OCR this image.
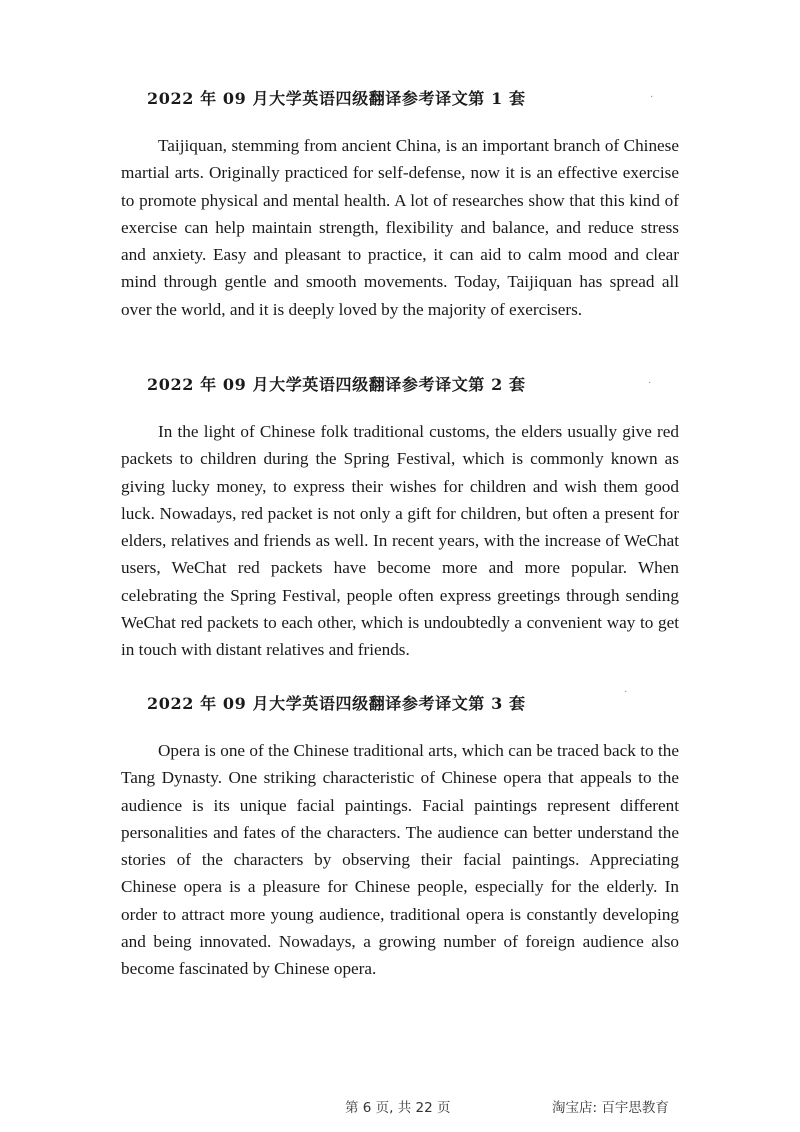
2022 年 09 月大学英语四级翻译参考译文第 1 套

Taijiquan, stemming from ancient China, is an important branch of Chinese martial arts. Originally practiced for self-defense, now it is an effective exercise to promote physical and mental health. A lot of researches show that this kind of exercise can help maintain strength, flexibility and balance, and reduce stress and anxiety. Easy and pleasant to practice, it can aid to calm mood and clear mind through gentle and smooth movements. Today, Taijiquan has spread all over the world, and it is deeply loved by the majority of exercisers.

2022 年 09 月大学英语四级翻译参考译文第 2 套

In the light of Chinese folk traditional customs, the elders usually give red packets to children during the Spring Festival, which is commonly known as giving lucky money, to express their wishes for children and wish them good luck. Nowadays, red packet is not only a gift for children, but often a present for elders, relatives and friends as well. In recent years, with the increase of WeChat users, WeChat red packets have become more and more popular. When celebrating the Spring Festival, people often express greetings through sending WeChat red packets to each other, which is undoubtedly a convenient way to get in touch with distant relatives and friends.

2022 年 09 月大学英语四级翻译参考译文第 3 套

Opera is one of the Chinese traditional arts, which can be traced back to the Tang Dynasty. One striking characteristic of Chinese opera that appeals to the audience is its unique facial paintings. Facial paintings represent different personalities and fates of the characters. The audience can better understand the stories of the characters by observing their facial paintings. Appreciating Chinese opera is a pleasure for Chinese people, especially for the elderly. In order to attract more young audience, traditional opera is constantly developing and being innovated. Nowadays, a growing number of foreign audience also become fascinated by Chinese opera.

·
·
·
第 6 页, 共 22 页	淘宝店: 百宇思教育
